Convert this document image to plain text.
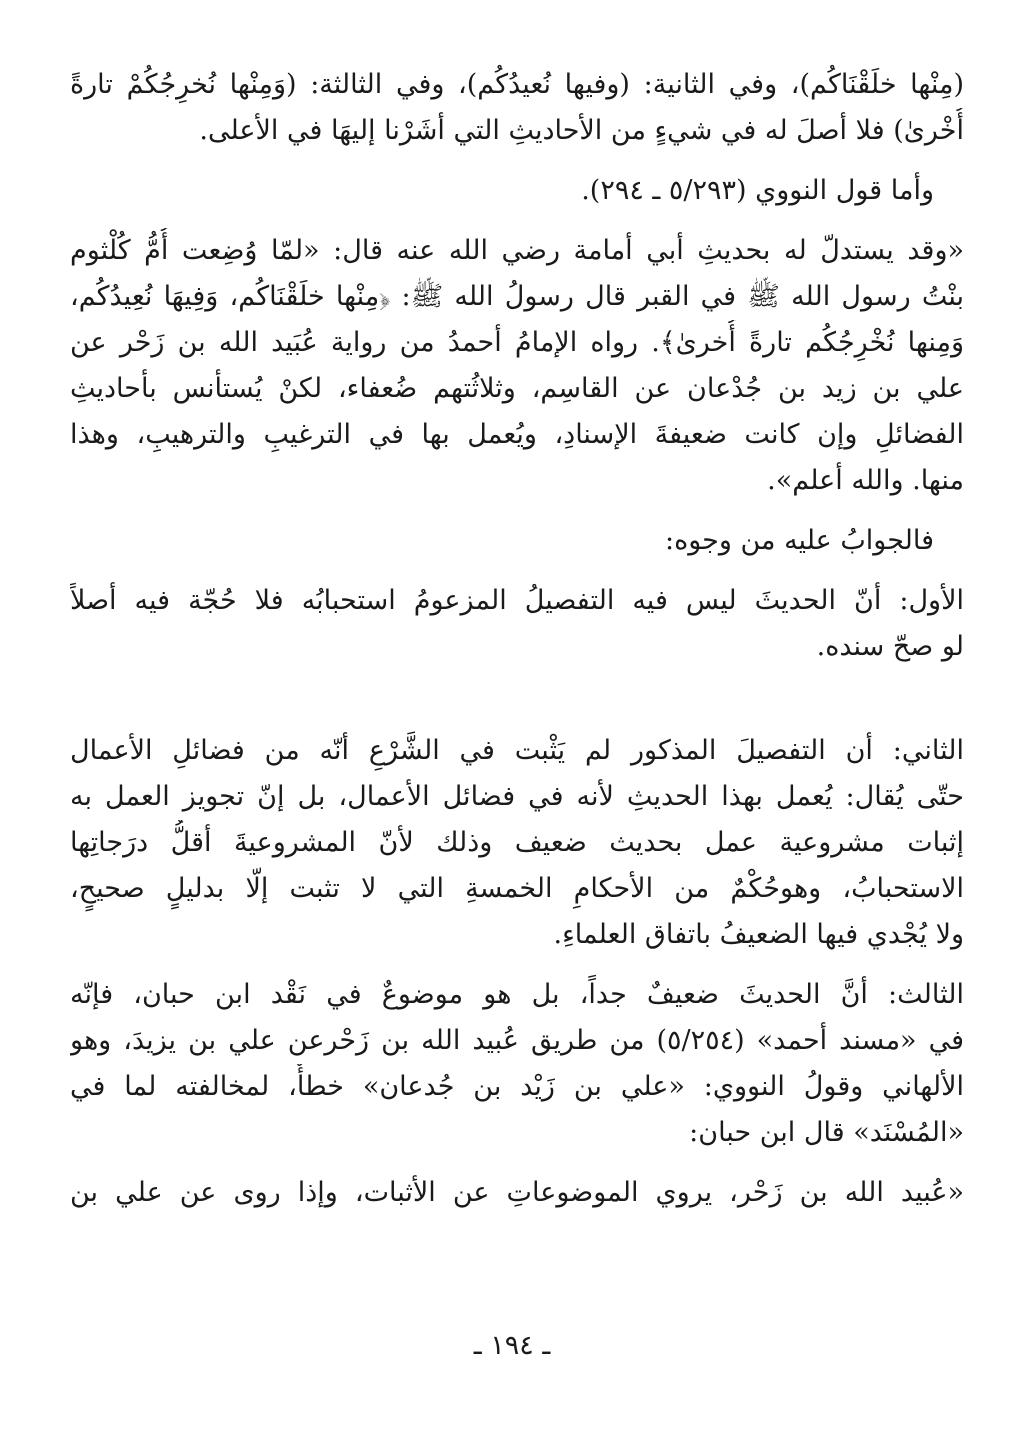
(مِنْها خلَقْنَاكُم)، وفي الثانية: (وفيها نُعيدُكُم)، وفي الثالثة: (وَمِنْها نُخرِجُكُمْ تارةً
أُخْرىٰ) فلا أصلَ له في شيءٍ من الأحاديثِ التي أشَرْنا إليهَا في الأعلى.
وأما قول النووي (٥/٢٩٣ ـ ٢٩٤).
«وقد يستدلّ له بحديثِ أبي أمامة رضي الله عنه قال: «لمّا وُضِعت أُمُّ كُلْثوم
بنْتُ رسول الله ﷺ في القبر قال رسولُ الله ﷺ: ﴿مِنْها خلَقْنَاكُم، وَفِيهَا نُعِيدُكُم،
وَمِنها نُخْرِجُكُم تارةً أُخرىٰ﴾. رواه الإمامُ أحمدُ من رواية عُبَيد الله بن زَحْر عن
علي بن زيد بن جُدْعان عن القاسِم، وثلاثُتهم ضُعفاء، لكنْ يُستأنس بأحاديثِ
الفضائلِ وإن كانت ضعيفةَ الإسنادِ، ويُعمل بها في الترغيبِ والترهيبِ، وهذا
منها. والله أعلم».
فالجوابُ عليه من وجوه:
الأول: أنّ الحديثَ ليس فيه التفصيلُ المزعومُ استحبابُه فلا حُجّة فيه أصلاً
لو صحّ سنده.
الثاني: أن التفصيلَ المذكور لم يَثْبت في الشَّرْعِ أنّه من فضائلِ الأعمال
حتّى يُقال: يُعمل بهذا الحديثِ لأنه في فضائل الأعمال، بل إنّ تجويز العمل به
إثبات مشروعية عمل بحديث ضعيف وذلك لأنّ المشروعيةَ أقلُّ درَجاتِها
الاستحبابُ، وهوحُكْمٌ من الأحكامِ الخمسةِ التي لا تثبت إلّا بدليلٍ صحيحٍ،
ولا يُجْدي فيها الضعيفُ باتفاق العلماءِ.
الثالث: أنَّ الحديثَ ضعيفٌ جداً، بل هو موضوعٌ في نَقْد ابن حبان، فإنّه
في «مسند أحمد» (٥/٢٥٤) من طريق عُبيد الله بن زَحْرعن علي بن يزيدَ، وهو
الألهاني وقولُ النووي: «علي بن زَيْد بن جُدعان» خطأٌ، لمخالفته لما في
«المُسْنَد» قال ابن حبان:
«عُبيد الله بن زَحْر، يروي الموضوعاتِ عن الأثبات، وإذا روى عن علي بن
ـ ١٩٤ ـ
